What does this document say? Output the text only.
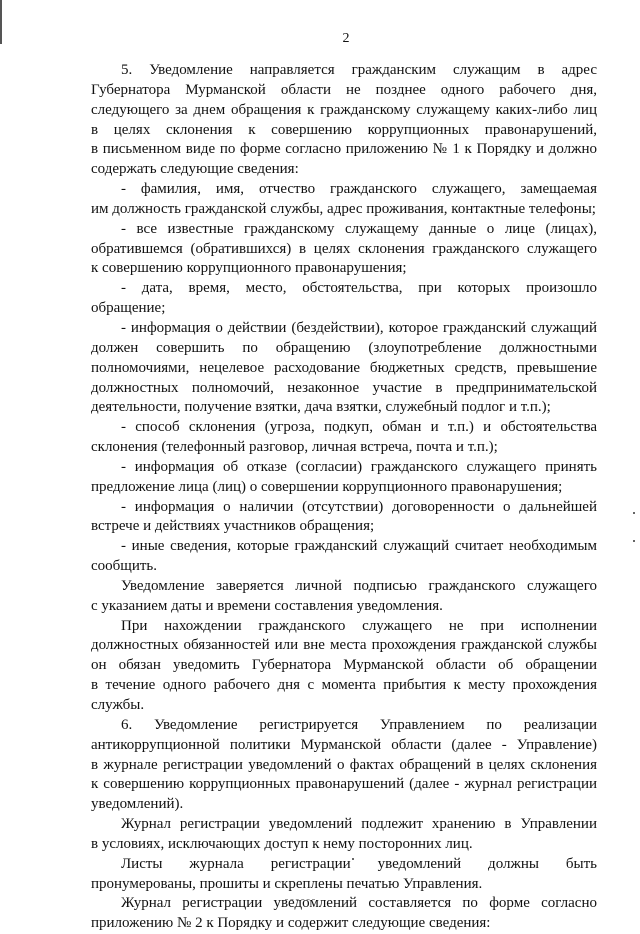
2
5. Уведомление направляется гражданским служащим в адрес
Губернатора Мурманской области не позднее одного рабочего дня,
следующего за днем обращения к гражданскому служащему каких-либо лиц
в целях склонения к совершению коррупционных правонарушений,
в письменном виде по форме согласно приложению № 1 к Порядку и должно
содержать следующие сведения:
- фамилия, имя, отчество гражданского служащего, замещаемая
им должность гражданской службы, адрес проживания, контактные телефоны;
- все известные гражданскому служащему данные о лице (лицах),
обратившемся (обратившихся) в целях склонения гражданского служащего
к совершению коррупционного правонарушения;
- дата, время, место, обстоятельства, при которых произошло
обращение;
- информация о действии (бездействии), которое гражданский служащий
должен совершить по обращению (злоупотребление должностными
полномочиями, нецелевое расходование бюджетных средств, превышение
должностных полномочий, незаконное участие в предпринимательской
деятельности, получение взятки, дача взятки, служебный подлог и т.п.);
- способ склонения (угроза, подкуп, обман и т.п.) и обстоятельства
склонения (телефонный разговор, личная встреча, почта и т.п.);
- информация об отказе (согласии) гражданского служащего принять
предложение лица (лиц) о совершении коррупционного правонарушения;
- информация о наличии (отсутствии) договоренности о дальнейшей
встрече и действиях участников обращения;
- иные сведения, которые гражданский служащий считает необходимым
сообщить.
Уведомление заверяется личной подписью гражданского служащего
с указанием даты и времени составления уведомления.
При нахождении гражданского служащего не при исполнении
должностных обязанностей или вне места прохождения гражданской службы
он обязан уведомить Губернатора Мурманской области об обращении
в течение одного рабочего дня с момента прибытия к месту прохождения
службы.
6. Уведомление регистрируется Управлением по реализации
антикоррупционной политики Мурманской области (далее - Управление)
в журнале регистрации уведомлений о фактах обращений в целях склонения
к совершению коррупционных правонарушений (далее - журнал регистрации
уведомлений).
Журнал регистрации уведомлений подлежит хранению в Управлении
в условиях, исключающих доступ к нему посторонних лиц.
Листы журнала регистрации уведомлений должны быть
пронумерованы, прошиты и скреплены печатью Управления.
Журнал регистрации уведомлений составляется по форме согласно
приложению № 2 к Порядку и содержит следующие сведения:
